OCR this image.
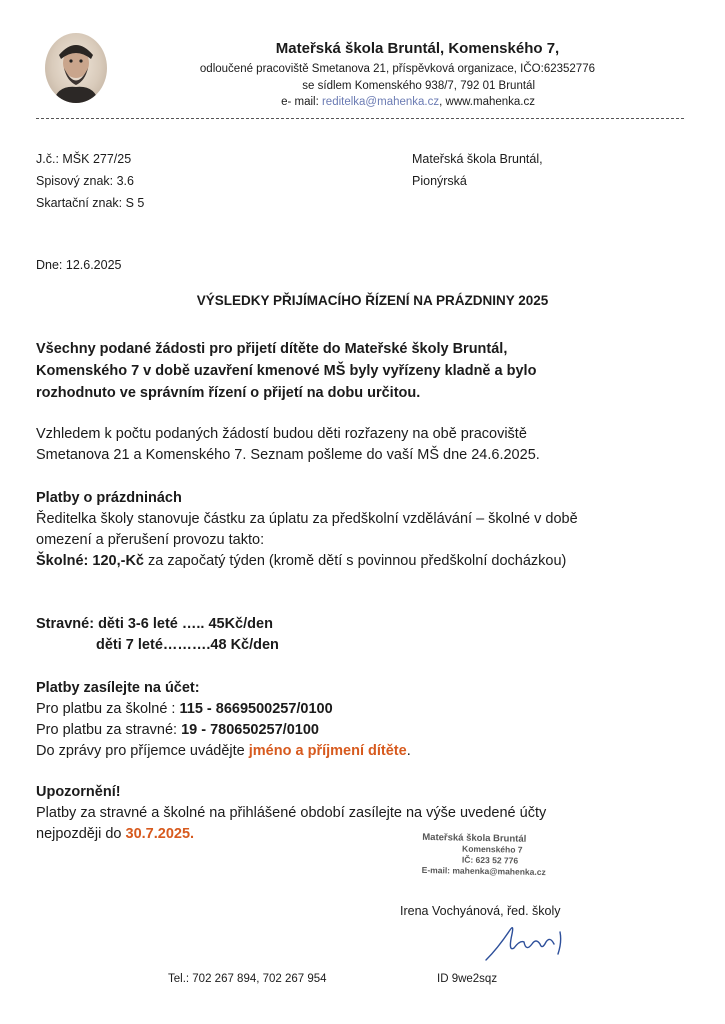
Mateřská škola Bruntál, Komenského 7,
odloučené pracoviště Smetanova 21, příspěvková organizace, IČO:62352776
se sídlem Komenského 938/7, 792 01 Bruntál
e- mail: reditelka@mahenka.cz, www.mahenka.cz
J.č.: MŠK 277/25
Spisový znak: 3.6
Skartační znak: S 5
Mateřská škola Bruntál,
Pionýrská
Dne: 12.6.2025
VÝSLEDKY PŘIJÍMACÍHO ŘÍZENÍ NA PRÁZDNINY 2025
Všechny podané žádosti pro přijetí dítěte do Mateřské školy Bruntál, Komenského 7 v době uzavření kmenové MŠ byly vyřízeny kladně a bylo rozhodnuto ve správním řízení o přijetí na dobu určitou.
Vzhledem k počtu podaných žádostí budou děti rozřazeny na obě pracoviště Smetanova 21 a Komenského 7. Seznam pošleme do vaší MŠ dne 24.6.2025.
Platby o prázdninách
Ředitelka školy stanovuje částku za úplatu za předškolní vzdělávání – školné v době omezení a přerušení provozu takto:
Školné: 120,-Kč za započatý týden (kromě dětí s povinnou předškolní docházkou)
Stravné: děti 3-6 leté ….. 45Kč/den
děti 7 leté……….48 Kč/den
Platby zasílejte na účet:
Pro platbu za školné : 115 - 8669500257/0100
Pro platbu za stravné: 19 - 780650257/0100
Do zprávy pro příjemce uvádějte jméno a příjmení dítěte.
Upozornění!
Platby za stravné a školné na přihlášené období zasílejte na výše uvedené účty nejpozději do 30.7.2025.	Mateřská škola Bruntál
Komenského 7
IČ: 623 52 776
E-mail: mahenka@mahenka.cz
Irena Vochyánová, řed. školy
Tel.: 702 267 894, 702 267 954	ID 9we2sqz
